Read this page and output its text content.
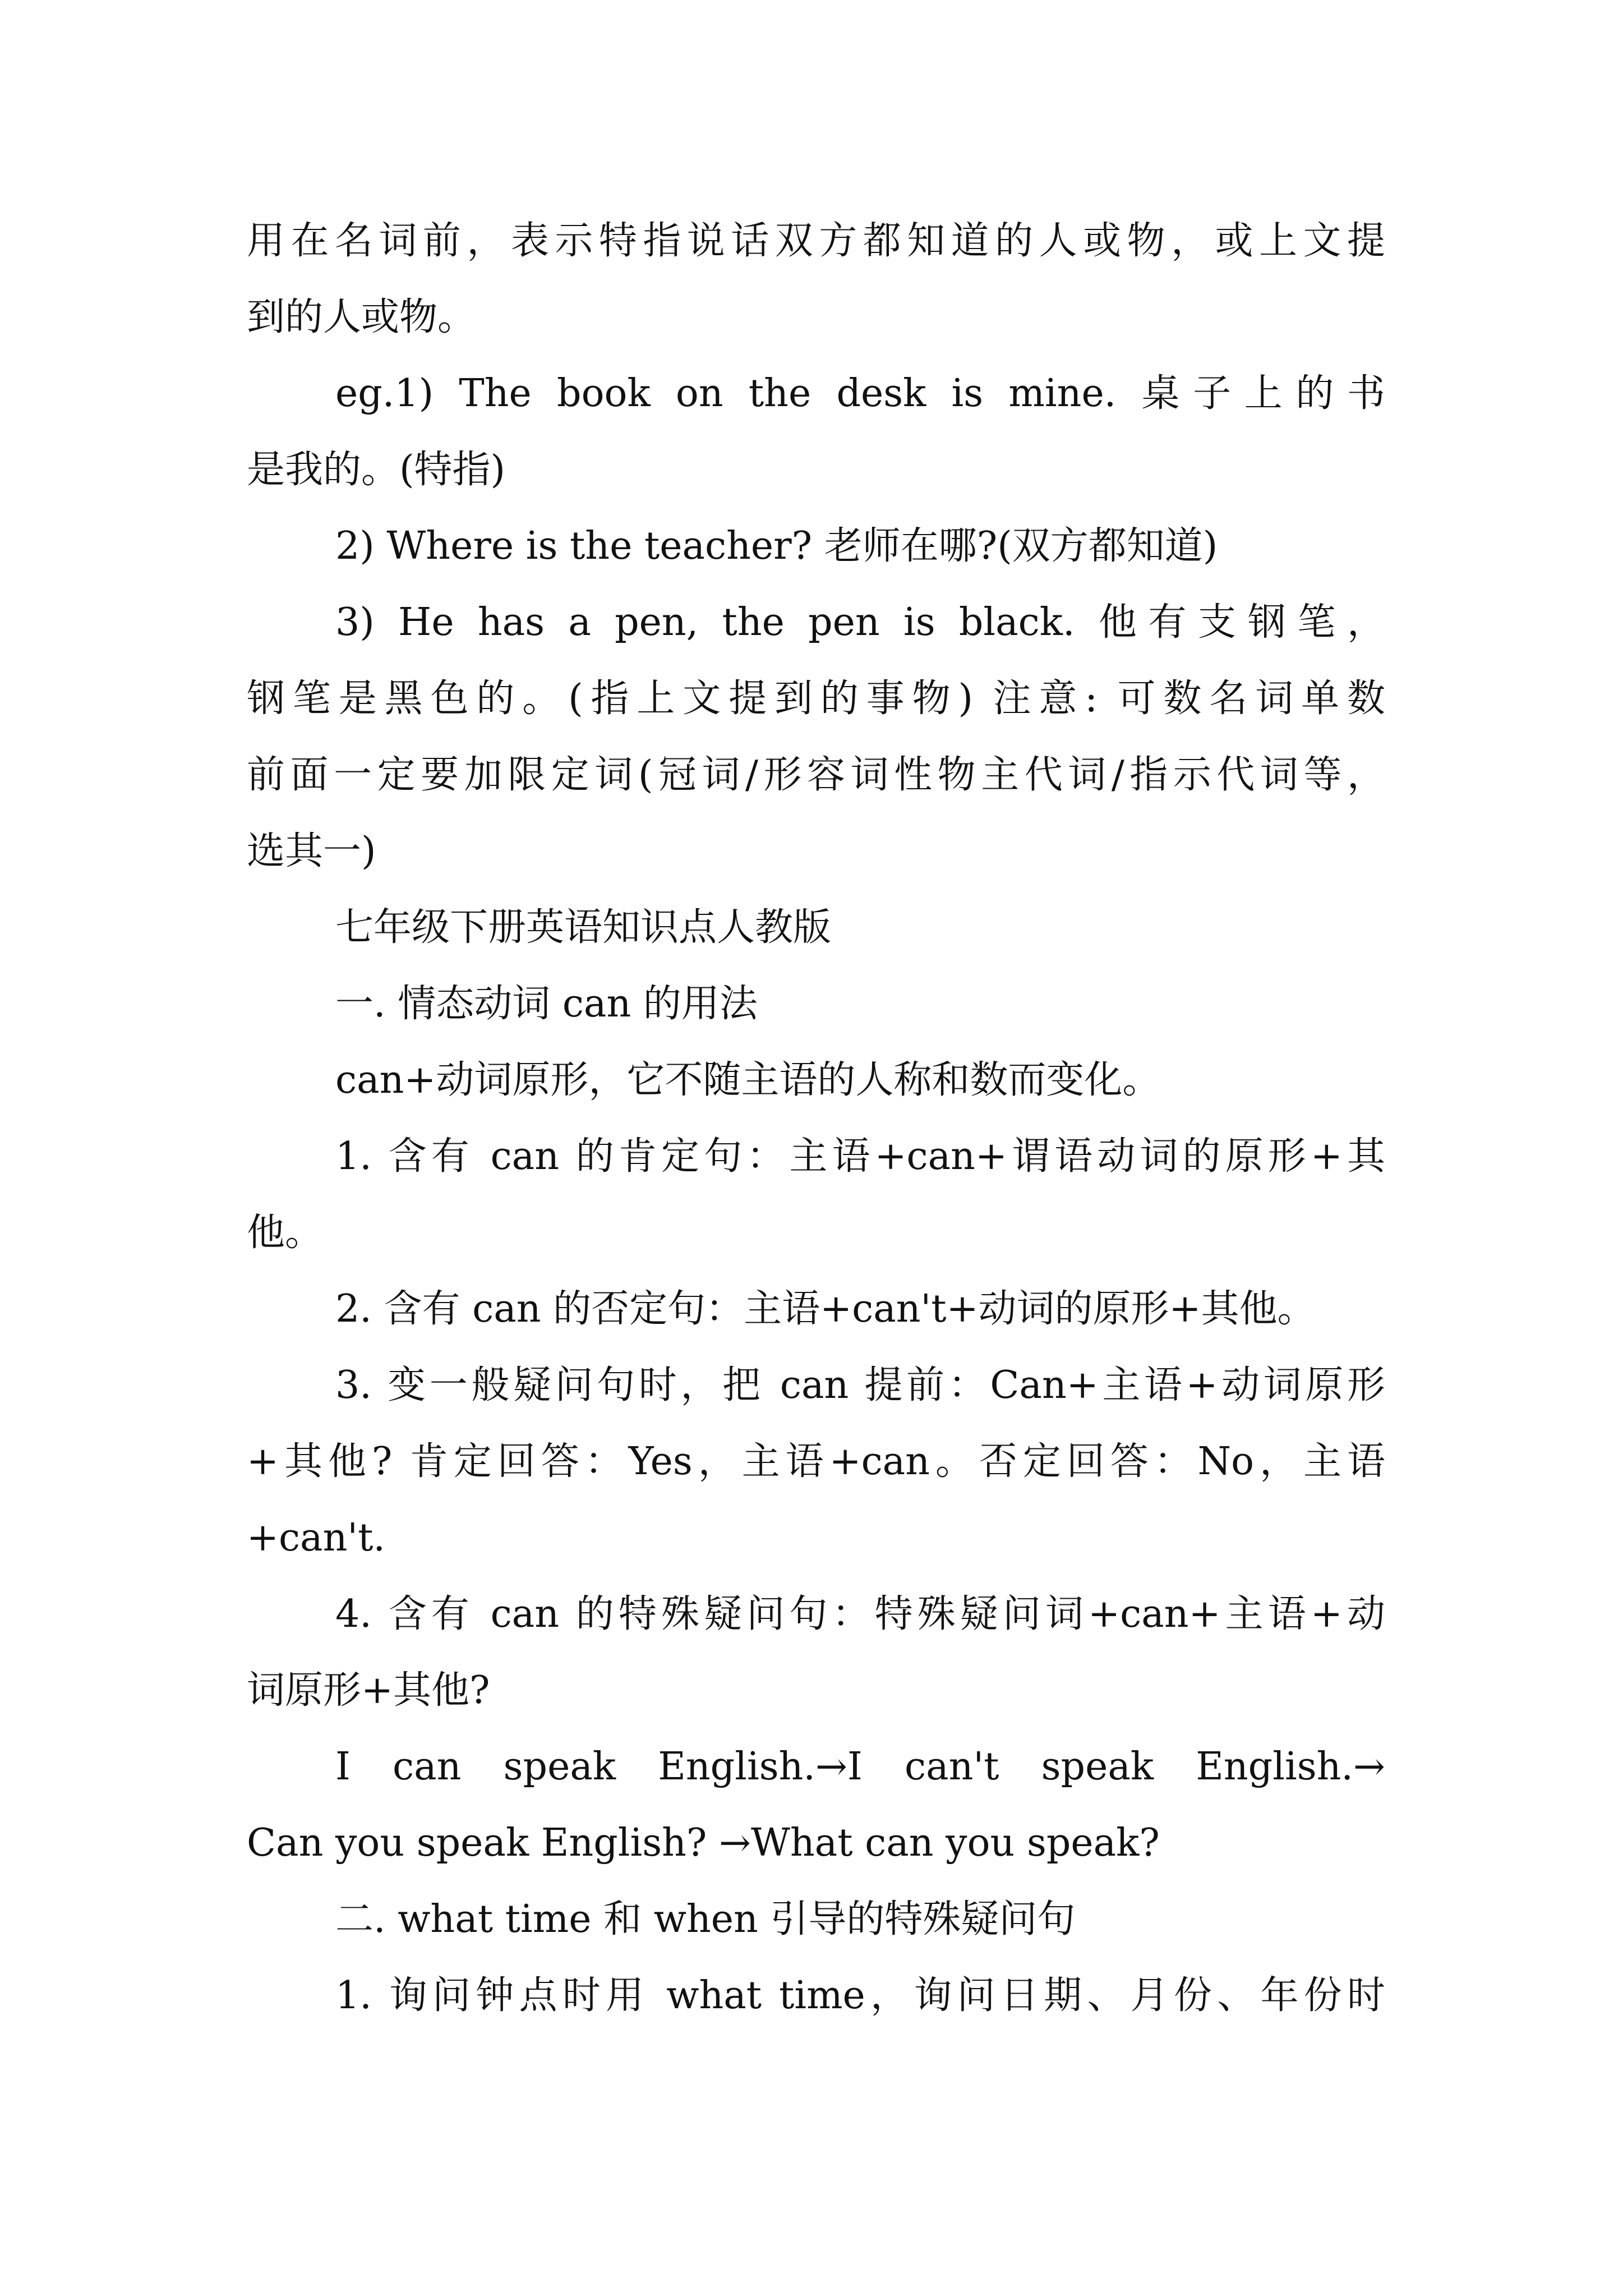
用在名词前，表示特指说话双方都知道的人或物，或上文提
到的人或物。
eg.1) The book on the desk is mine. 桌子上的书
是我的。(特指)
2) Where is the teacher? 老师在哪?(双方都知道)
3) He has a pen, the pen is black. 他有支钢笔，
钢笔是黑色的。(指上文提到的事物) 注意: 可数名词单数
前面一定要加限定词(冠词/形容词性物主代词/指示代词等，
选其一)
七年级下册英语知识点人教版
一. 情态动词 can 的用法
can+动词原形，它不随主语的人称和数而变化。
1. 含有 can 的肯定句：主语+can+谓语动词的原形+其
他。
2. 含有 can 的否定句：主语+can't+动词的原形+其他。
3. 变一般疑问句时，把 can 提前：Can+主语+动词原形
+其他? 肯定回答：Yes，主语+can。否定回答：No，主语
+can't.
4. 含有 can 的特殊疑问句：特殊疑问词+can+主语+动
词原形+其他?
I can speak English.→I can't speak English.→
Can you speak English? →What can you speak?
二. what time 和 when 引导的特殊疑问句
1. 询问钟点时用 what time，询问日期、月份、年份时
